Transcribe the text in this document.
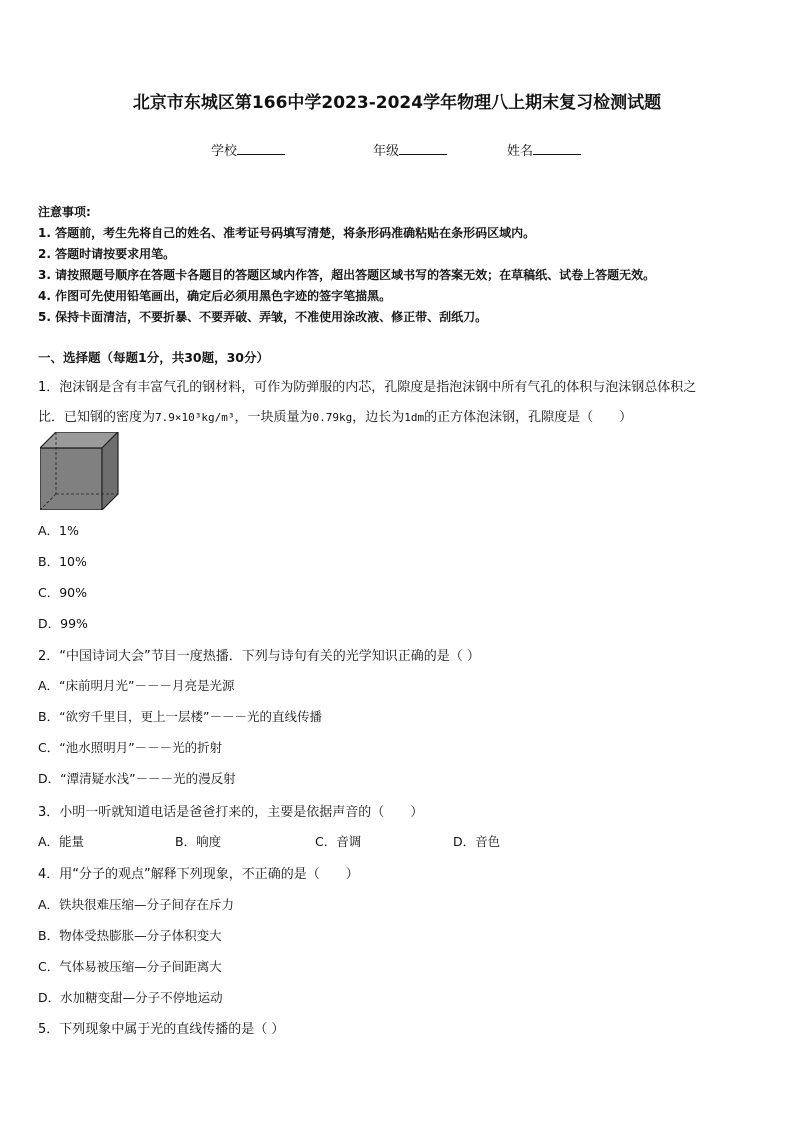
北京市东城区第166中学2023-2024学年物理八上期末复习检测试题
学校	年级	姓名
注意事项:
1. 答题前，考生先将自己的姓名、准考证号码填写清楚，将条形码准确粘贴在条形码区域内。
2. 答题时请按要求用笔。
3. 请按照题号顺序在答题卡各题目的答题区域内作答，超出答题区域书写的答案无效；在草稿纸、试卷上答题无效。
4. 作图可先使用铅笔画出，确定后必须用黑色字迹的签字笔描黑。
5. 保持卡面清洁，不要折暴、不要弄破、弄皱，不准使用涂改液、修正带、刮纸刀。
一、选择题（每题1分，共30题，30分）
1．泡沫钢是含有丰富气孔的钢材料，可作为防弹服的内芯，孔隙度是指泡沫钢中所有气孔的体积与泡沫钢总体积之
比．已知钢的密度为7.9×10³kg/m³，一块质量为0.79kg，边长为1dm的正方体泡沫钢，孔隙度是（　　）
A．1%
B．10%
C．90%
D．99%
2．“中国诗词大会”节目一度热播．下列与诗句有关的光学知识正确的是（ ）
A．“床前明月光”－－－月亮是光源
B．“欲穷千里目，更上一层楼”－－－光的直线传播
C．“池水照明月”－－－光的折射
D．“潭清疑水浅”－－－光的漫反射
3．小明一听就知道电话是爸爸打来的，主要是依据声音的（　　）
A．能量	B．响度	C．音调	D．音色
4．用“分子的观点”解释下列现象，不正确的是（　　）
A．铁块很难压缩—分子间存在斥力
B．物体受热膨胀—分子体积变大
C．气体易被压缩—分子间距离大
D．水加糖变甜—分子不停地运动
5．下列现象中属于光的直线传播的是（ ）
